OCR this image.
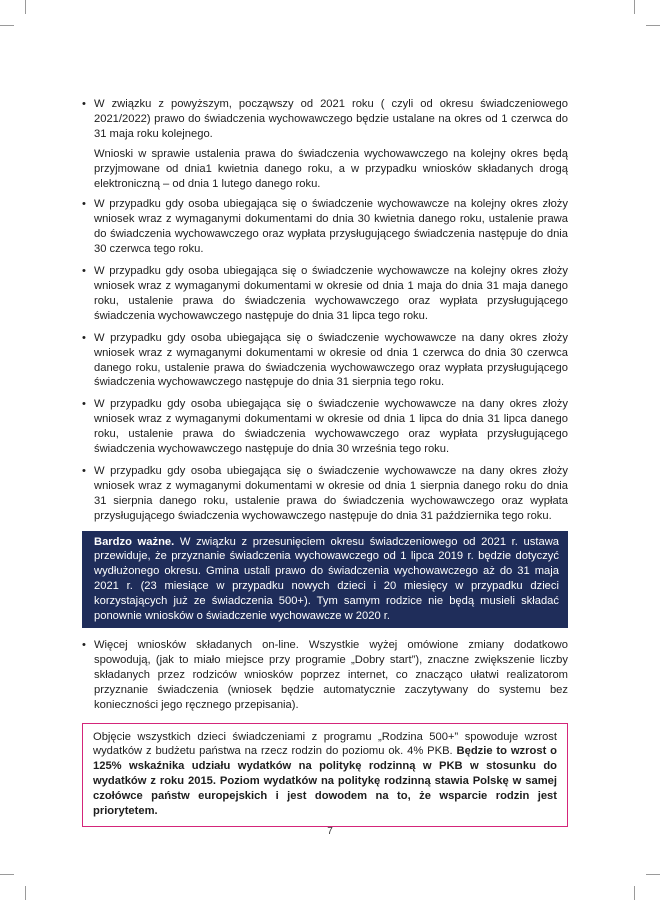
• W związku z powyższym, począwszy od 2021 roku ( czyli od okresu świadczeniowego 2021/2022) prawo do świadczenia wychowawczego będzie ustalane na okres od 1 czerwca do 31 maja roku kolejnego.
Wnioski w sprawie ustalenia prawa do świadczenia wychowawczego na kolejny okres będą przyjmowane od dnia1 kwietnia danego roku, a w przypadku wniosków składanych drogą elektroniczną – od dnia 1 lutego danego roku.
• W przypadku gdy osoba ubiegająca się o świadczenie wychowawcze na kolejny okres złoży wniosek wraz z wymaganymi dokumentami do dnia 30 kwietnia danego roku, ustalenie prawa do świadczenia wychowawczego oraz wypłata przysługującego świadczenia następuje do dnia 30 czerwca tego roku.
• W przypadku gdy osoba ubiegająca się o świadczenie wychowawcze na kolejny okres złoży wniosek wraz z wymaganymi dokumentami w okresie od dnia 1 maja do dnia 31 maja danego roku, ustalenie prawa do świadczenia wychowawczego oraz wypłata przysługującego świadczenia wychowawczego następuje do dnia 31 lipca tego roku.
• W przypadku gdy osoba ubiegająca się o świadczenie wychowawcze na dany okres złoży wniosek wraz z wymaganymi dokumentami w okresie od dnia 1 czerwca do dnia 30 czerwca danego roku, ustalenie prawa do świadczenia wychowawczego oraz wypłata przysługującego świadczenia wychowawczego następuje do dnia 31 sierpnia tego roku.
• W przypadku gdy osoba ubiegająca się o świadczenie wychowawcze na dany okres złoży wniosek wraz z wymaganymi dokumentami w okresie od dnia 1 lipca do dnia 31 lipca danego roku, ustalenie prawa do świadczenia wychowawczego oraz wypłata przysługującego świadczenia wychowawczego następuje do dnia 30 września tego roku.
• W przypadku gdy osoba ubiegająca się o świadczenie wychowawcze na dany okres złoży wniosek wraz z wymaganymi dokumentami w okresie od dnia 1 sierpnia danego roku do dnia 31 sierpnia danego roku, ustalenie prawa do świadczenia wychowawczego oraz wypłata przysługującego świadczenia wychowawczego następuje do dnia 31 października tego roku.
Bardzo ważne. W związku z przesunięciem okresu świadczeniowego od 2021 r. ustawa przewiduje, że przyznanie świadczenia wychowawczego od 1 lipca 2019 r. będzie dotyczyć wydłużonego okresu. Gmina ustali prawo do świadczenia wychowawczego aż do 31 maja 2021 r. (23 miesiące w przypadku nowych dzieci i 20 miesięcy w przypadku dzieci korzystających już ze świadczenia 500+). Tym samym rodzice nie będą musieli składać ponownie wniosków o świadczenie wychowawcze w 2020 r.
• Więcej wniosków składanych on-line. Wszystkie wyżej omówione zmiany dodatkowo spowodują, (jak to miało miejsce przy programie „Dobry start”), znaczne zwiększenie liczby składanych przez rodziców wniosków poprzez internet, co znacząco ułatwi realizatorom przyznanie świadczenia (wniosek będzie automatycznie zaczytywany do systemu bez konieczności jego ręcznego przepisania).
Objęcie wszystkich dzieci świadczeniami z programu „Rodzina 500+” spowoduje wzrost wydatków z budżetu państwa na rzecz rodzin do poziomu ok. 4% PKB. Będzie to wzrost o 125% wskaźnika udziału wydatków na politykę rodzinną w PKB w stosunku do wydatków z roku 2015. Poziom wydatków na politykę rodzinną stawia Polskę w samej czołówce państw europejskich i jest dowodem na to, że wsparcie rodzin jest priorytetem.
7
